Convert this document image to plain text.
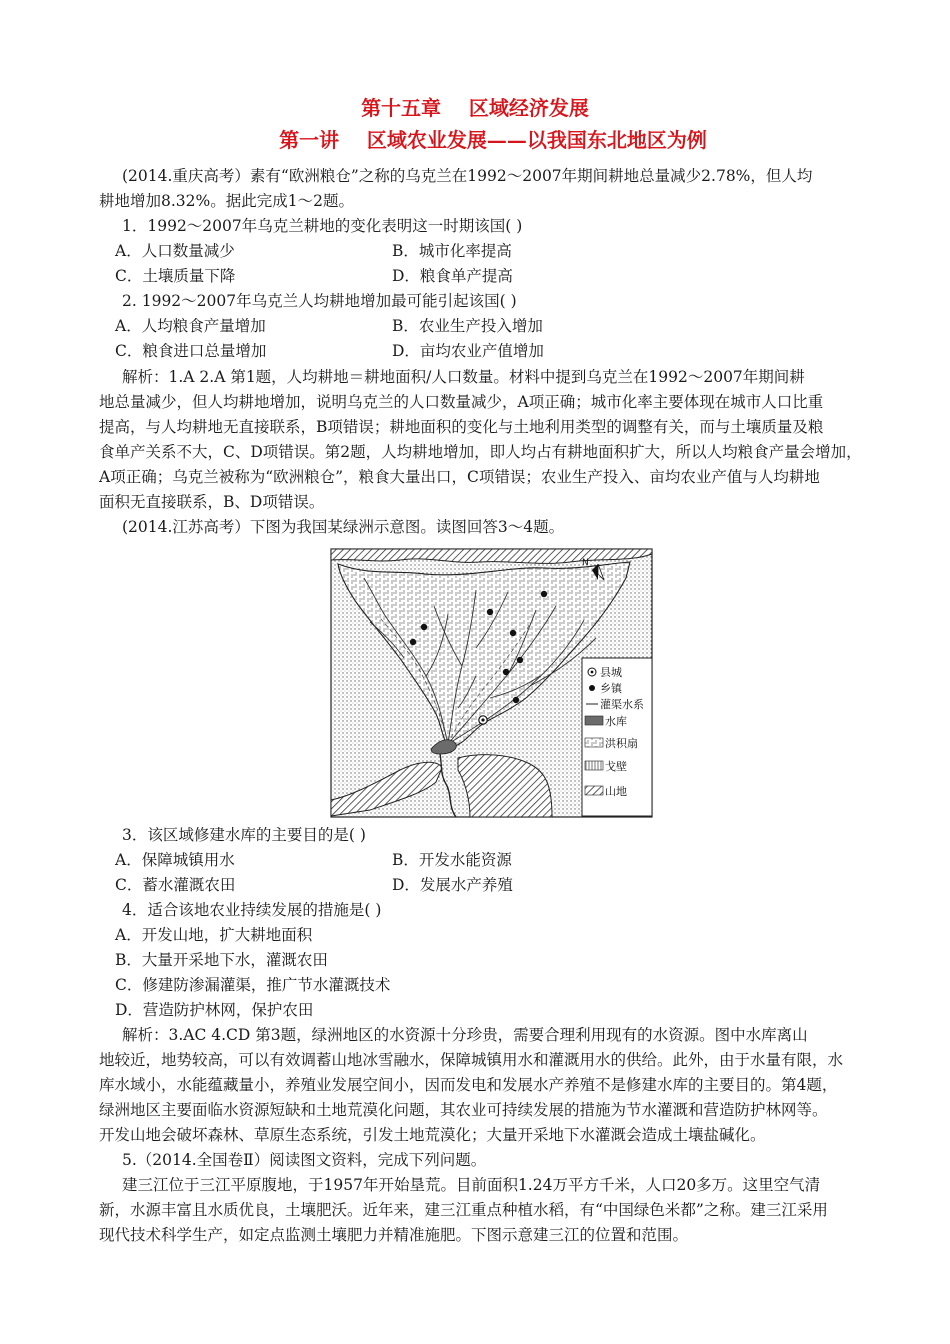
第十五章    区域经济发展
第一讲    区域农业发展——以我国东北地区为例
(2014.重庆高考）素有“欧洲粮仓”之称的乌克兰在1992～2007年期间耕地总量减少2.78%，但人均
耕地增加8.32%。据此完成1～2题。
1．1992～2007年乌克兰耕地的变化表明这一时期该国( )
A．人口数量减少	B．城市化率提高
C．土壤质量下降	D．粮食单产提高
2. 1992～2007年乌克兰人均耕地增加最可能引起该国( )
A．人均粮食产量增加	B．农业生产投入增加
C．粮食进口总量增加	D．亩均农业产值增加
解析：1.A 2.A 第1题，人均耕地＝耕地面积/人口数量。材料中提到乌克兰在1992～2007年期间耕
地总量减少，但人均耕地增加，说明乌克兰的人口数量减少，A项正确；城市化率主要体现在城市人口比重
提高，与人均耕地无直接联系，B项错误；耕地面积的变化与土地利用类型的调整有关，而与土壤质量及粮
食单产关系不大，C、D项错误。第2题，人均耕地增加，即人均占有耕地面积扩大，所以人均粮食产量会增加，
A项正确；乌克兰被称为“欧洲粮仓”，粮食大量出口，C项错误；农业生产投入、亩均农业产值与人均耕地
面积无直接联系，B、D项错误。
(2014.江苏高考）下图为我国某绿洲示意图。读图回答3～4题。
N
县城
乡镇
灌渠水系
水库
洪积扇
戈壁
山地
3．该区域修建水库的主要目的是( )
A．保障城镇用水	B．开发水能资源
C．蓄水灌溉农田	D．发展水产养殖
4．适合该地农业持续发展的措施是( )
A．开发山地，扩大耕地面积
B．大量开采地下水，灌溉农田
C．修建防渗漏灌渠，推广节水灌溉技术
D．营造防护林网，保护农田
解析：3.AC 4.CD 第3题，绿洲地区的水资源十分珍贵，需要合理利用现有的水资源。图中水库离山
地较近，地势较高，可以有效调蓄山地冰雪融水，保障城镇用水和灌溉用水的供给。此外，由于水量有限，水
库水域小，水能蕴藏量小，养殖业发展空间小，因而发电和发展水产养殖不是修建水库的主要目的。第4题，
绿洲地区主要面临水资源短缺和土地荒漠化问题，其农业可持续发展的措施为节水灌溉和营造防护林网等。
开发山地会破坏森林、草原生态系统，引发土地荒漠化；大量开采地下水灌溉会造成土壤盐碱化。
5.（2014.全国卷Ⅱ）阅读图文资料，完成下列问题。
建三江位于三江平原腹地，于1957年开始垦荒。目前面积1.24万平方千米，人口20多万。这里空气清
新，水源丰富且水质优良，土壤肥沃。近年来，建三江重点种植水稻，有“中国绿色米都”之称。建三江采用
现代技术科学生产，如定点监测土壤肥力并精准施肥。下图示意建三江的位置和范围。
